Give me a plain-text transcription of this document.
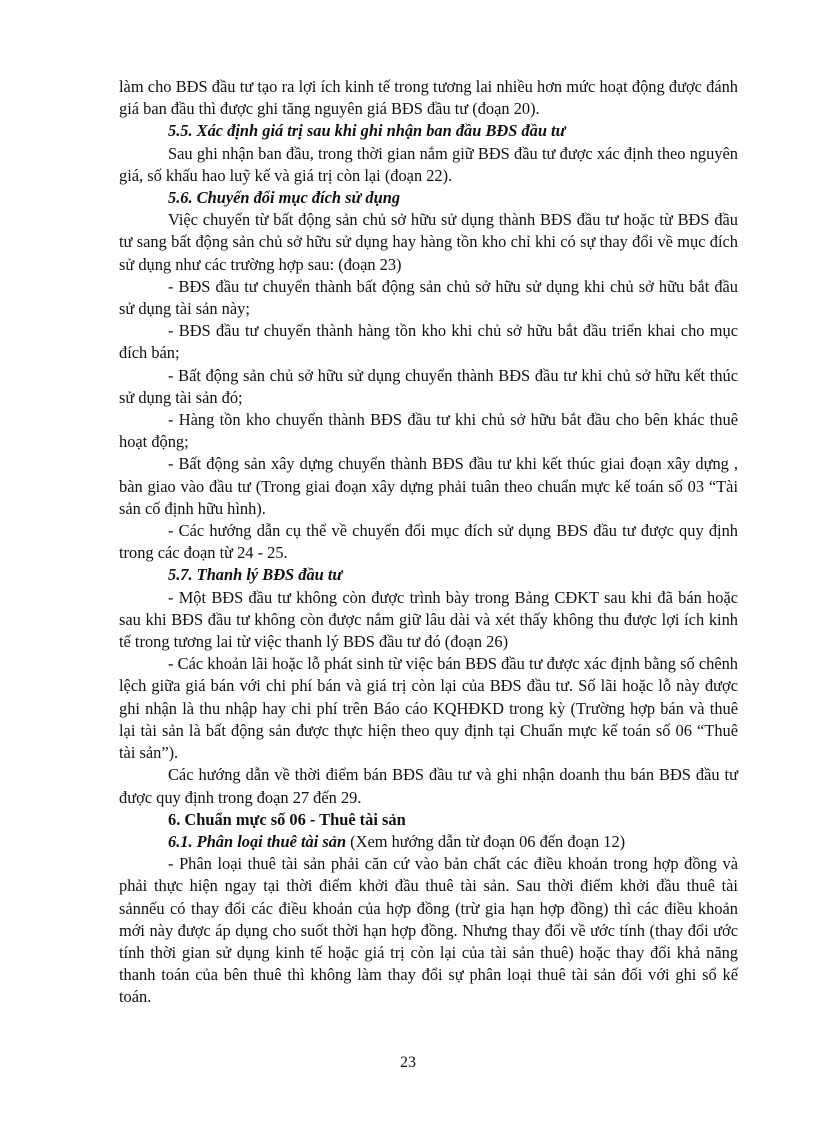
làm cho BĐS đầu tư tạo ra lợi ích kinh tế trong tương lai nhiều hơn mức hoạt động được đánh giá ban đầu thì được ghi tăng nguyên giá BĐS đầu tư (đoạn 20).

5.5. Xác định giá trị sau khi ghi nhận ban đầu BĐS đầu tư

Sau ghi nhận ban đầu, trong thời gian nắm giữ BĐS đầu tư được xác định theo nguyên giá, số khấu hao luỹ kế và giá trị còn lại (đoạn 22).

5.6. Chuyển đổi mục đích sử dụng

Việc chuyển từ bất động sản chủ sở hữu sử dụng thành BĐS đầu tư hoặc từ BĐS đầu tư sang bất động sản chủ sở hữu sử dụng hay hàng tồn kho chỉ khi có sự thay đổi về mục đích sử dụng như các trường hợp sau: (đoạn 23)

- BĐS đầu tư chuyển thành bất động sản chủ sở hữu sử dụng khi chủ sở hữu bắt đầu sử dụng tài sản này;

- BĐS đầu tư chuyển thành hàng tồn kho khi chủ sở hữu bắt đầu triển khai cho mục đích bán;

- Bất động sản chủ sở hữu sử dụng chuyển thành BĐS đầu tư khi chủ sở hữu kết thúc sử dụng tài sản đó;

- Hàng tồn kho chuyển thành BĐS đầu tư khi chủ sở hữu bắt đầu cho bên khác thuê hoạt động;

- Bất động sản xây dựng chuyển thành BĐS đầu tư khi kết thúc giai đoạn xây dựng , bàn giao vào đầu tư (Trong giai đoạn xây dựng phải tuân theo chuẩn mực kế toán số 03 “Tài sản cố định hữu hình).

- Các hướng dẫn cụ thể về chuyển đổi mục đích sử dụng BĐS đầu tư được quy định trong các đoạn từ 24 - 25.

5.7. Thanh lý BĐS đầu tư

- Một BĐS đầu tư không còn được trình bày trong Bảng CĐKT sau khi đã bán hoặc sau khi BĐS đầu tư không còn được nắm giữ lâu dài và xét thấy không thu được lợi ích kinh tế trong tương lai từ việc thanh lý BĐS đầu tư đó (đoạn 26)

- Các khoản lãi hoặc lỗ phát sinh từ việc bán BĐS đầu tư được xác định bằng số chênh lệch giữa giá bán với chi phí bán và giá trị còn lại của BĐS đầu tư. Số lãi hoặc lỗ này được ghi nhận là thu nhập hay chi phí trên Báo cáo KQHĐKD trong kỳ (Trường hợp bán và thuê lại tài sản là bất động sản được thực hiện theo quy định tại Chuẩn mực kế toán số 06 “Thuê tài sản”).

Các hướng dẫn về thời điểm bán BĐS đầu tư và ghi nhận doanh thu bán BĐS đầu tư được quy định trong đoạn 27 đến 29.

6. Chuẩn mực số 06 - Thuê tài sản

6.1. Phân loại thuê tài sản (Xem hướng dẫn từ đoạn 06 đến đoạn 12)

- Phân loại thuê tài sản phải căn cứ vào bản chất các điều khoản trong hợp đồng và phải thực hiện ngay tại thời điểm khởi đầu thuê tài sản. Sau thời điểm khởi đầu thuê tài sảnnếu có thay đổi các điều khoản của hợp đồng (trừ gia hạn hợp đồng) thì các điều khoản mới này được áp dụng cho suốt thời hạn hợp đồng. Nhưng thay đổi về ước tính (thay đổi ước tính thời gian sử dụng kinh tế hoặc giá trị còn lại của tài sản thuê) hoặc thay đổi khả năng thanh toán của bên thuê thì không làm thay đổi sự phân loại thuê tài sản đối với ghi sổ kế toán.

23
